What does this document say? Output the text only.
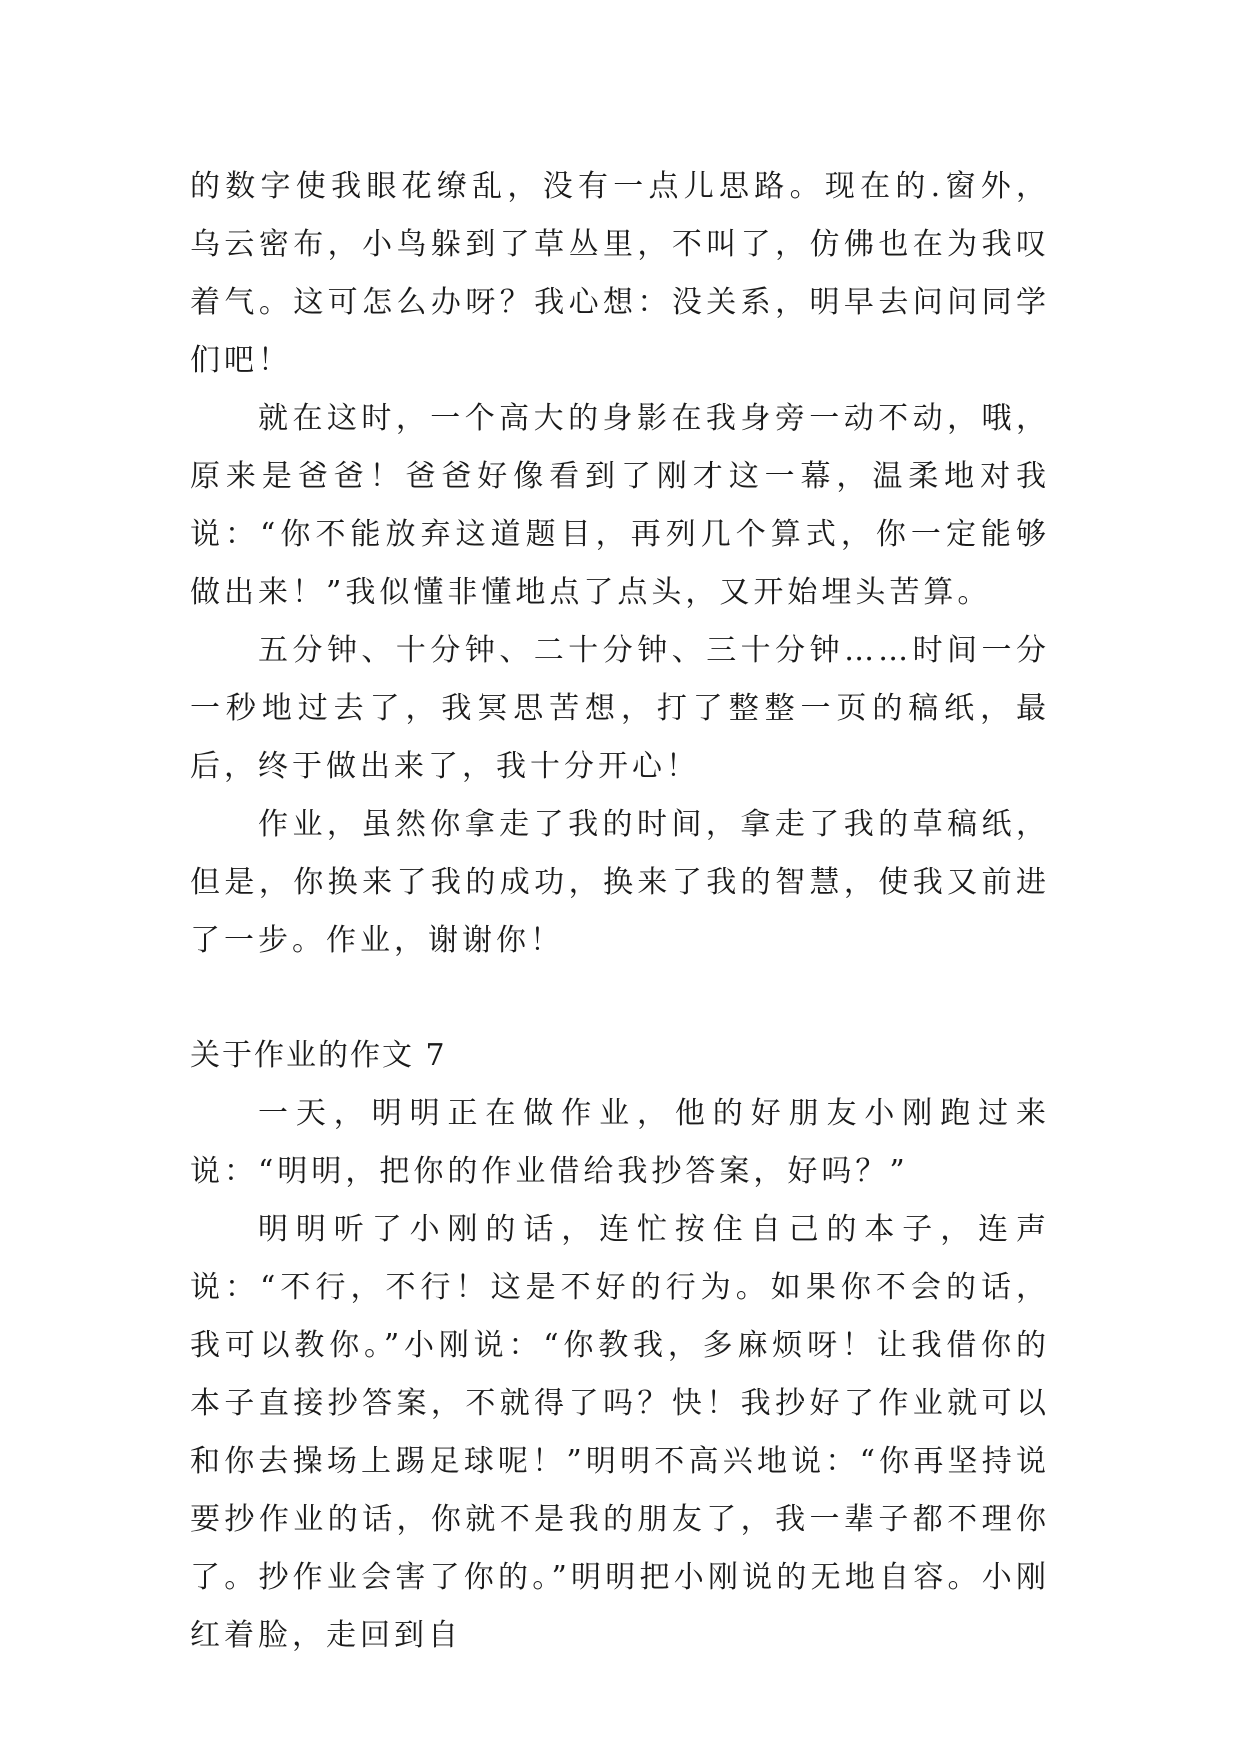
的数字使我眼花缭乱，没有一点儿思路。现在的.窗外，乌云密布，小鸟躲到了草丛里，不叫了，仿佛也在为我叹着气。这可怎么办呀？我心想：没关系，明早去问问同学们吧！

就在这时，一个高大的身影在我身旁一动不动，哦，原来是爸爸！爸爸好像看到了刚才这一幕，温柔地对我说：“你不能放弃这道题目，再列几个算式，你一定能够做出来！”我似懂非懂地点了点头，又开始埋头苦算。

五分钟、十分钟、二十分钟、三十分钟……时间一分一秒地过去了，我冥思苦想，打了整整一页的稿纸，最后，终于做出来了，我十分开心！

作业，虽然你拿走了我的时间，拿走了我的草稿纸，但是，你换来了我的成功，换来了我的智慧，使我又前进了一步。作业，谢谢你！

关于作业的作文 7

一天，明明正在做作业，他的好朋友小刚跑过来说：“明明，把你的作业借给我抄答案，好吗？”

明明听了小刚的话，连忙按住自己的本子，连声说：“不行，不行！这是不好的行为。如果你不会的话，我可以教你。”小刚说：“你教我，多麻烦呀！让我借你的本子直接抄答案，不就得了吗？快！我抄好了作业就可以和你去操场上踢足球呢！”明明不高兴地说：“你再坚持说要抄作业的话，你就不是我的朋友了，我一辈子都不理你了。抄作业会害了你的。”明明把小刚说的无地自容。小刚红着脸，走回到自
